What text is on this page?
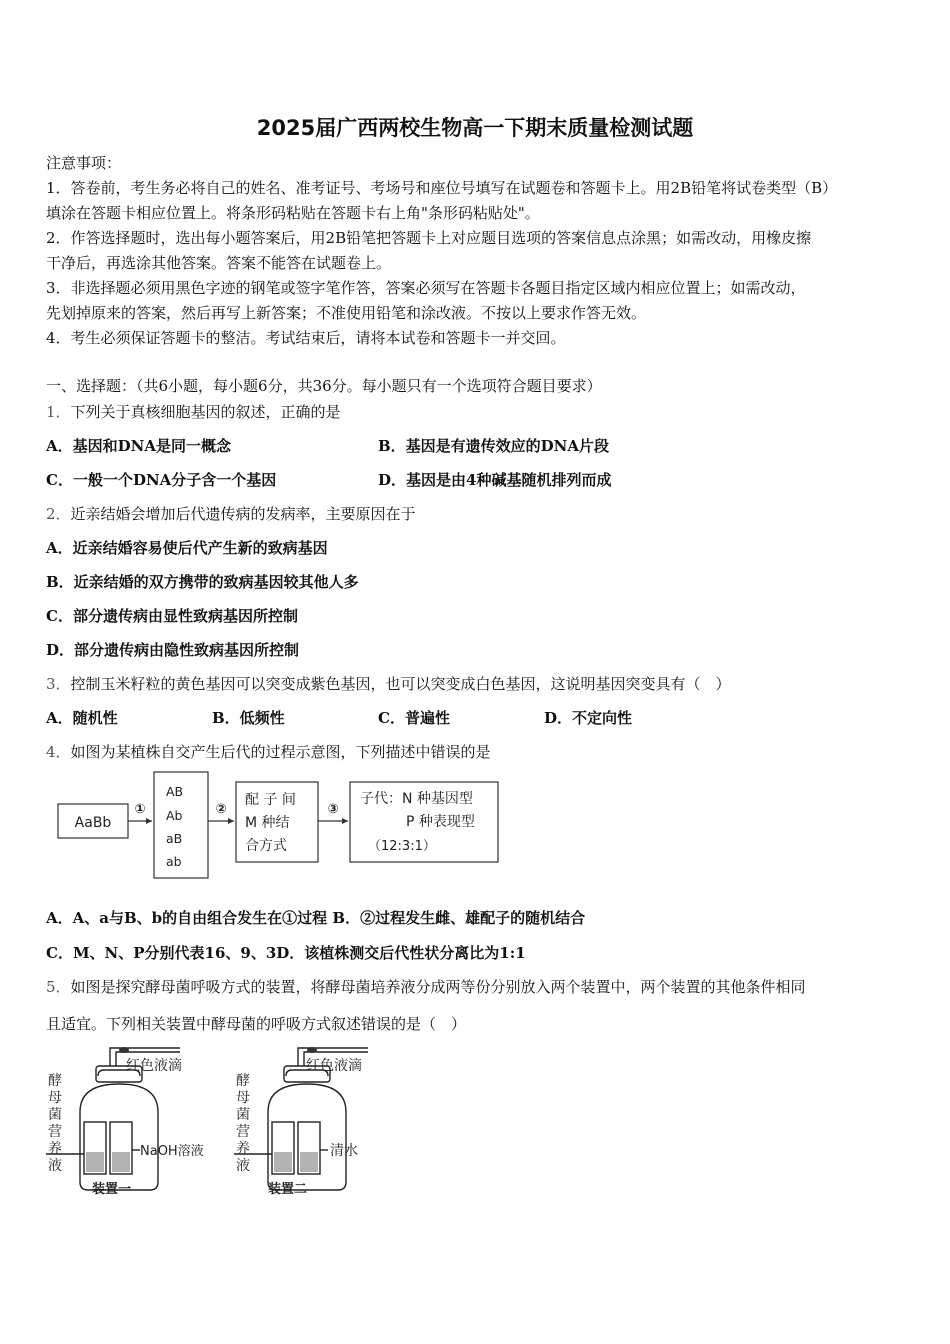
2025届广西两校生物高一下期末质量检测试题
注意事项：
1．答卷前，考生务必将自己的姓名、准考证号、考场号和座位号填写在试题卷和答题卡上。用2B铅笔将试卷类型（B）
填涂在答题卡相应位置上。将条形码粘贴在答题卡右上角"条形码粘贴处"。
2．作答选择题时，选出每小题答案后，用2B铅笔把答题卡上对应题目选项的答案信息点涂黑；如需改动，用橡皮擦
干净后，再选涂其他答案。答案不能答在试题卷上。
3．非选择题必须用黑色字迹的钢笔或签字笔作答，答案必须写在答题卡各题目指定区域内相应位置上；如需改动，
先划掉原来的答案，然后再写上新答案；不准使用铅笔和涂改液。不按以上要求作答无效。
4．考生必须保证答题卡的整洁。考试结束后，请将本试卷和答题卡一并交回。
一、选择题：（共6小题，每小题6分，共36分。每小题只有一个选项符合题目要求）
1．下列关于真核细胞基因的叙述，正确的是
A．基因和DNA是同一概念	B．基因是有遗传效应的DNA片段
C．一般一个DNA分子含一个基因	D．基因是由4种碱基随机排列而成
2．近亲结婚会增加后代遗传病的发病率，主要原因在于
A．近亲结婚容易使后代产生新的致病基因
B．近亲结婚的双方携带的致病基因较其他人多
C．部分遗传病由显性致病基因所控制
D．部分遗传病由隐性致病基因所控制
3．控制玉米籽粒的黄色基因可以突变成紫色基因，也可以突变成白色基因，这说明基因突变具有（　）
A．随机性	B．低频性	C．普遍性	D．不定向性
4．如图为某植株自交产生后代的过程示意图，下列描述中错误的是
AaBb
①	②	③
AB
Ab
aB
ab
配 子 间
M 种结
合方式
子代：N 种基因型
P 种表现型
（12:3:1）
A．A、a与B、b的自由组合发生在①过程 B．②过程发生雌、雄配子的随机结合
C．M、N、P分别代表16、9、3D．该植株测交后代性状分离比为1:1
5．如图是探究酵母菌呼吸方式的装置，将酵母菌培养液分成两等份分别放入两个装置中，两个装置的其他条件相同
且适宜。下列相关装置中酵母菌的呼吸方式叙述错误的是（　）
红色液滴
酵
母
菌
营
养
液
NaOH溶液
装置一
红色液滴
酵
母
菌
营
养
液
清水
装置二
